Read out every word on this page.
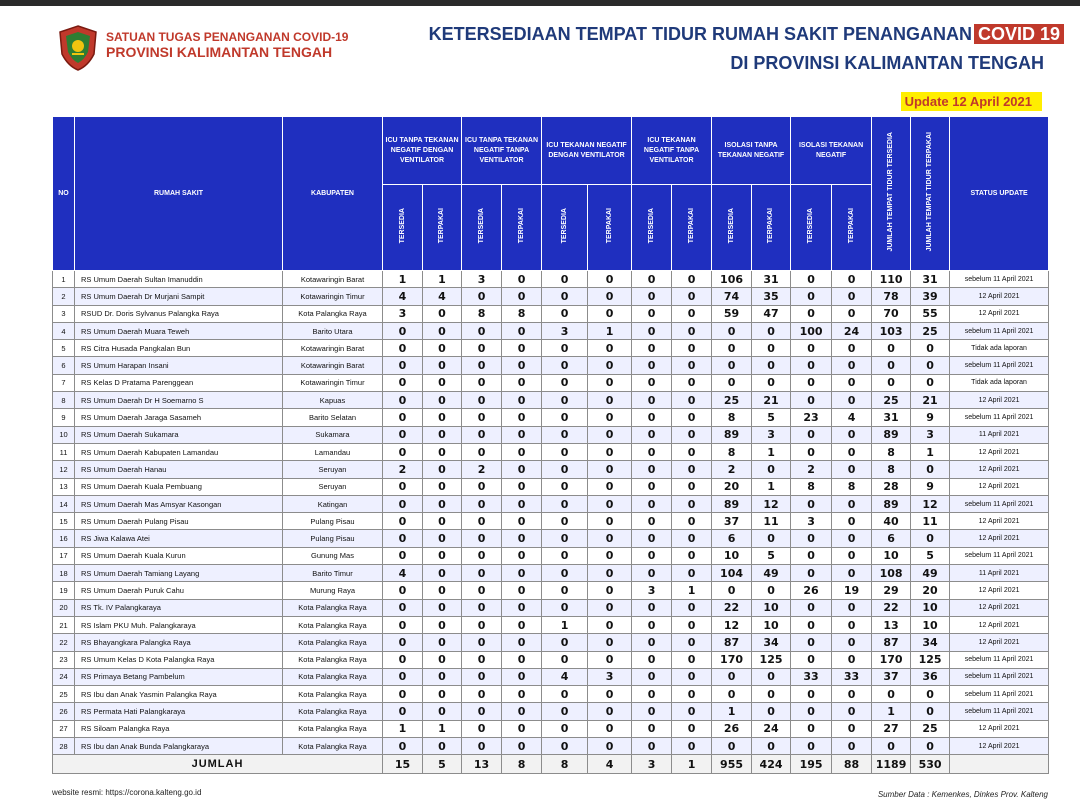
SATUAN TUGAS PENANGANAN COVID-19
PROVINSI KALIMANTAN TENGAH
KETERSEDIAAN TEMPAT TIDUR RUMAH SAKIT PENANGANAN COVID 19
DI PROVINSI KALIMANTAN TENGAH
Update 12 April 2021
NO	RUMAH SAKIT	KABUPATEN	ICU TANPA TEKANAN NEGATIF DENGAN VENTILATOR		ICU TANPA TEKANAN NEGATIF TANPA VENTILATOR		ICU TEKANAN NEGATIF DENGAN VENTILATOR		ICU TEKANAN NEGATIF TANPA VENTILATOR		ISOLASI TANPA TEKANAN NEGATIF		ISOLASI TEKANAN NEGATIF		JUMLAH TEMPAT TIDUR TERSEDIA	JUMLAH TEMPAT TIDUR TERPAKAI	STATUS UPDATE
			TERSEDIA	TERPAKAI	TERSEDIA	TERPAKAI	TERSEDIA	TERPAKAI	TERSEDIA	TERPAKAI	TERSEDIA	TERPAKAI	TERSEDIA	TERPAKAI			
1	RS Umum Daerah Sultan Imanuddin	Kotawaringin Barat	1	1	3	0	0	0	0	0	106	31	0	0	110	31	sebelum 11 April 2021
2	RS Umum Daerah Dr Murjani Sampit	Kotawaringin Timur	4	4	0	0	0	0	0	0	74	35	0	0	78	39	12 April 2021
3	RSUD Dr. Doris Sylvanus Palangka Raya	Kota Palangka Raya	3	0	8	8	0	0	0	0	59	47	0	0	70	55	12 April 2021
4	RS Umum Daerah Muara Teweh	Barito Utara	0	0	0	0	3	1	0	0	0	0	100	24	103	25	sebelum 11 April 2021
5	RS Citra Husada Pangkalan Bun	Kotawaringin Barat	0	0	0	0	0	0	0	0	0	0	0	0	0	0	Tidak ada laporan
6	RS Umum Harapan Insani	Kotawaringin Barat	0	0	0	0	0	0	0	0	0	0	0	0	0	0	sebelum 11 April 2021
7	RS Kelas D Pratama Parenggean	Kotawaringin Timur	0	0	0	0	0	0	0	0	0	0	0	0	0	0	Tidak ada laporan
8	RS Umum Daerah Dr H Soemarno S	Kapuas	0	0	0	0	0	0	0	0	25	21	0	0	25	21	12 April 2021
9	RS Umum Daerah Jaraga Sasameh	Barito Selatan	0	0	0	0	0	0	0	0	8	5	23	4	31	9	sebelum 11 April 2021
10	RS Umum Daerah Sukamara	Sukamara	0	0	0	0	0	0	0	0	89	3	0	0	89	3	11 April 2021
11	RS Umum Daerah Kabupaten Lamandau	Lamandau	0	0	0	0	0	0	0	0	8	1	0	0	8	1	12 April 2021
12	RS Umum Daerah Hanau	Seruyan	2	0	2	0	0	0	0	0	2	0	2	0	8	0	12 April 2021
13	RS Umum Daerah Kuala Pembuang	Seruyan	0	0	0	0	0	0	0	0	20	1	8	8	28	9	12 April 2021
14	RS Umum Daerah Mas Amsyar Kasongan	Katingan	0	0	0	0	0	0	0	0	89	12	0	0	89	12	sebelum 11 April 2021
15	RS Umum Daerah Pulang Pisau	Pulang Pisau	0	0	0	0	0	0	0	0	37	11	3	0	40	11	12 April 2021
16	RS Jiwa Kalawa Atei	Pulang Pisau	0	0	0	0	0	0	0	0	6	0	0	0	6	0	12 April 2021
17	RS Umum Daerah Kuala Kurun	Gunung Mas	0	0	0	0	0	0	0	0	10	5	0	0	10	5	sebelum 11 April 2021
18	RS Umum Daerah Tamiang Layang	Barito Timur	4	0	0	0	0	0	0	0	104	49	0	0	108	49	11 April 2021
19	RS Umum Daerah Puruk Cahu	Murung Raya	0	0	0	0	0	0	3	1	0	0	26	19	29	20	12 April 2021
20	RS Tk. IV Palangkaraya	Kota Palangka Raya	0	0	0	0	0	0	0	0	22	10	0	0	22	10	12 April 2021
21	RS Islam PKU Muh. Palangkaraya	Kota Palangka Raya	0	0	0	0	1	0	0	0	12	10	0	0	13	10	12 April 2021
22	RS Bhayangkara Palangka Raya	Kota Palangka Raya	0	0	0	0	0	0	0	0	87	34	0	0	87	34	12 April 2021
23	RS Umum Kelas D Kota Palangka Raya	Kota Palangka Raya	0	0	0	0	0	0	0	0	170	125	0	0	170	125	sebelum 11 April 2021
24	RS Primaya Betang Pambelum	Kota Palangka Raya	0	0	0	0	4	3	0	0	0	0	33	33	37	36	sebelum 11 April 2021
25	RS Ibu dan Anak Yasmin Palangka Raya	Kota Palangka Raya	0	0	0	0	0	0	0	0	0	0	0	0	0	0	sebelum 11 April 2021
26	RS Permata Hati Palangkaraya	Kota Palangka Raya	0	0	0	0	0	0	0	0	1	0	0	0	1	0	sebelum 11 April 2021
27	RS Siloam Palangka Raya	Kota Palangka Raya	1	1	0	0	0	0	0	0	26	24	0	0	27	25	12 April 2021
28	RS Ibu dan Anak Bunda Palangkaraya	Kota Palangka Raya	0	0	0	0	0	0	0	0	0	0	0	0	0	0	12 April 2021
JUMLAH			15	5	13	8	8	4	3	1	955	424	195	88	1189	530	
website resmi: https://corona.kalteng.go.id	Sumber Data : Kemenkes, Dinkes Prov. Kalteng
